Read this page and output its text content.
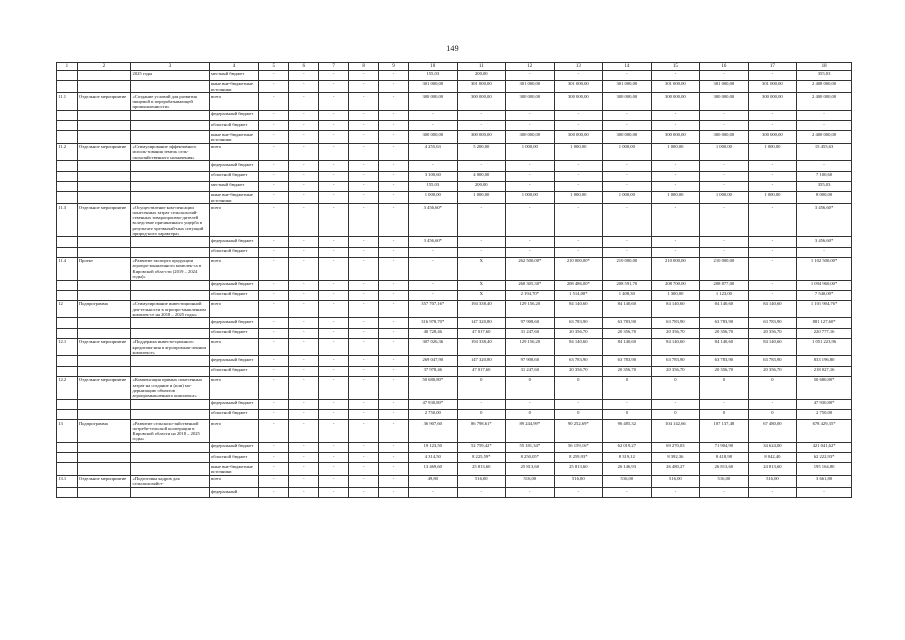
149
1	2	3	4	5	6	7	8	9	10	11	12	13	14	15	16	17	18
		2025 годы	местный бюджет	-	-	-	-	-	155,03	200,00	-	-	-	-	-	-	355,03
			иные вне-бюджетные источники	-	-	-	-	-	301 000,00	301 000,00	301 000,00	301 000,00	301 000,00	301 000,00	301 000,00	301 000,00	2 408 000,00
11.1	Отдельное мероприятие	«Создание условий для развития пищевой и перерабатывающей промышленности»	всего	-	-	-	-	-	300 000,00	300 000,00	300 000,00	300 000,00	300 000,00	300 000,00	300 000,00	300 000,00	2 400 000,00
			федеральный бюджет	-	-	-	-	-	-	-	-	-	-	-	-	-	-
			областной бюджет	-	-	-	-	-	-	-	-	-	-	-	-	-	-
			иные вне-бюджетные источники	-	-	-	-	-	300 000,00	300 000,00	300 000,00	300 000,00	300 000,00	300 000,00	300 000,00	300 000,00	2 400 000,00
11.2	Отдельное мероприятие	«Стимулирование эффективного исполь-зования земель сель-скохозяйственного назначения»	всего	-	-	-	-	-	4 255,63	5 200,00	1 000,00	1 000,00	1 000,00	1 000,00	1 000,00	1 000,00	15 455,63
			федеральный бюджет	-	-	-	-	-	-	-	-	-	-	-	-	-	-
			областной бюджет	-	-	-	-	-	3 100,60	4 000,00	-	-	-	-	-	-	7 100,60
			местный бюджет	-	-	-	-	-	155,03	200,00	-	-	-	-	-	-	355,03
			иные вне-бюджетные источники	-	-	-	-	-	1 000,00	1 000,00	1 000,00	1 000,00	1 000,00	1 000,00	1 000,00	1 000,00	8 000,00
11.3	Отдельное мероприятие	«Осуществление ком-пенсации понесенных затрат сельскохозяй-ственных товаропроизво-дителей вследствие причиненного ущерба в результате чрезвычай-ных ситуаций природ-ного характера»	всего	-	-	-	-	-	3 456,60*	-	-	-	-	-	-	-	3 456,60*
			федеральный бюджет	-	-	-	-	-	3 456,60*	-	-	-	-	-	-	-	3 456,60*
			областной бюджет	-	-	-	-	-	-	-	-	-	-	-	-	-	-
11.4	Проект	«Развитие экспорта продукции агропро-мышленного комплек-са в Кировской обла-сти (2019 – 2024 годы)»	всего	-	-	-	-	-	-	X	262 500,00*	210 000,00*	210 000,00	210 000,00	210 000,00	-	1 102 500,00*
			федеральный бюджет	-	-	-	-	-	-	X	260 305,30*	208 486,00*	208 591,70	208 700,00	208 877,00	-	1 094 960,00*
			областной бюджет	-	-	-	-	-	-	X	2 194,70*	1 514,00*	1 408,30	1 300,00	1 123,00	-	7 540,00*
12	Подпрограмма	«Стимулирование инвестиционной дея-тельности в агропро-мышленном комплек-се на 2018 – 2025 годы»	всего	-	-	-	-	-	357 707,16*	194 338,40	129 156,20	84 140,60	84 140,60	84 140,60	84 140,60	84 140,60	1 101 904,76*
			федеральный бюджет	-	-	-	-	-	316 978,70*	147 320,80	97 908,60	63 783,90	63 783,90	63 783,90	63 783,90	63 783,90	881 127,60*
			областной бюджет	-	-	-	-	-	40 728,46	47 017,60	31 247,60	20 356,70	20 356,70	20 356,70	20 356,70	20 356,70	220 777,16
12.1	Отдельное мероприятие	«Поддержка инвести-ционного кредитова-ния в агропромыш-ленном комплексе»	всего	-	-	-	-	-	307 026,36	194 338,40	129 156,20	84 140,60	84 140,60	84 140,60	84 140,60	84 140,60	1 051 223,96
			федеральный бюджет	-	-	-	-	-	269 047,90	147 320,80	97 908,60	63 783,90	63 783,90	63 783,90	63 783,90	63 783,90	833 196,80
			областной бюджет	-	-	-	-	-	37 978,46	47 017,60	31 247,60	20 356,70	20 356,70	20 356,70	20 356,70	20 356,70	218 027,16
12.2	Отдельное мероприятие	«Компенсация прямых понесенных затрат на создание и (или) мо-дернизацию объектов агропромышленного комплекса»	всего	-	-	-	-	-	50 680,80*	0	0	0	0	0	0	0	50 680,80*
			федеральный бюджет	-	-	-	-	-	47 930,80*	-	-	-	-	-	-	-	47 930,80*
			областной бюджет	-	-	-	-	-	2 750,00	0	0	0	0	0	0	0	2 750,00
13	Подпрограмма	«Развитие сельскохо-зяйственной потреби-тельской кооперации в Кировской области на 2018 – 2025 годы»	всего	-	-	-	-	-	36 907,60	86 798,61*	89 244,99*	90 252,69*	96 485,32	104 142,66	107 137,48	67 480,00	678 429,35*
			федеральный бюджет	-	-	-	-	-	19 123,50	52 759,42*	55 181,34*	56 159,16*	62 019,27	69 270,03	71 904,90	34 624,00	421 041,62*
			областной бюджет	-	-	-	-	-	4 314,50	8 225,59*	8 250,05*	8 259,93*	8 319,12	8 392,36	8 418,98	8 042,40	62 222,93*
			иные вне-бюджетные источники	-	-	-	-	-	13 469,60	25 813,60	25 813,60	25 813,60	26 146,93	26 480,27	26 813,60	24 813,60	195 164,80
13.1	Отдельное мероприятие	«Подготовка кадров для сельскохозяйст-	всего	-	-	-	-	-	49,80	516,00	516,00	516,00	516,00	516,00	516,00	516,00	3 661,80
			федеральный	-	-	-	-	-	-	-	-	-	-	-	-	-	-
